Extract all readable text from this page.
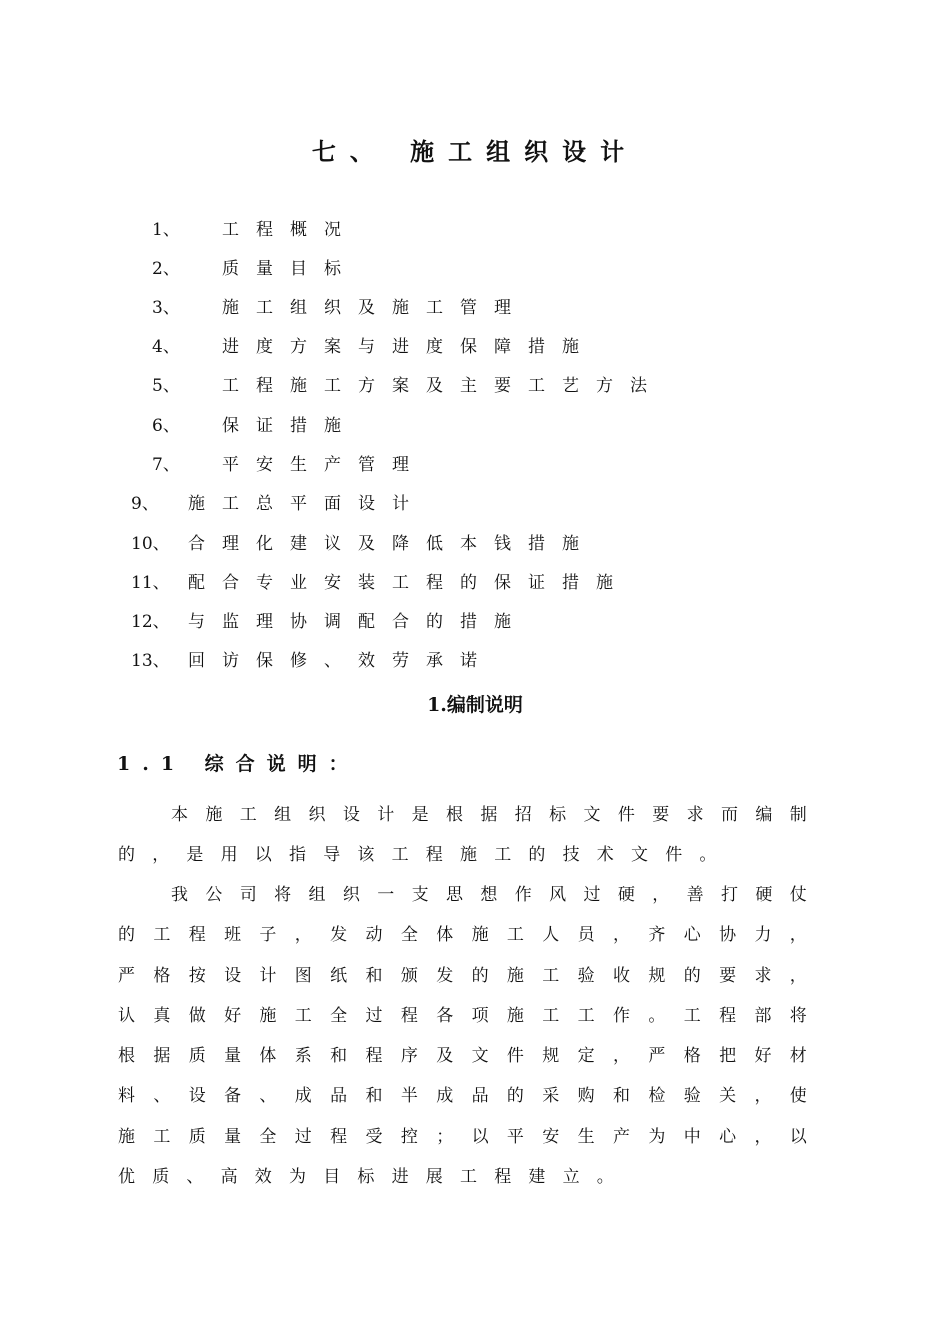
七、 施工组织设计
1、 工程概况
2、 质量目标
3、 施工组织及施工管理
4、 进度方案与进度保障措施
5、 工程施工方案及主要工艺方法
6、 保证措施
7、 平安生产管理
9、 施工总平面设计
10、 合理化建议及降低本钱措施
11、 配合专业安装工程的保证措施
12、 与监理协调配合的措施
13、 回访保修、效劳承诺
1.编制说明
1.1 综合说明：

本施工组织设计是根据招标文件要求而编制的，是用以指导该工程施工的技术文件。

我公司将组织一支思想作风过硬，善打硬仗的工程班子，发动全体施工人员，齐心协力，严格按设计图纸和颁发的施工验收规的要求，认真做好施工全过程各项施工工作。工程部将根据质量体系和程序及文件规定，严格把好材料、设备、成品和半成品的采购和检验关，使施工质量全过程受控；以平安生产为中心，以优质、高效为目标进展工程建立。
